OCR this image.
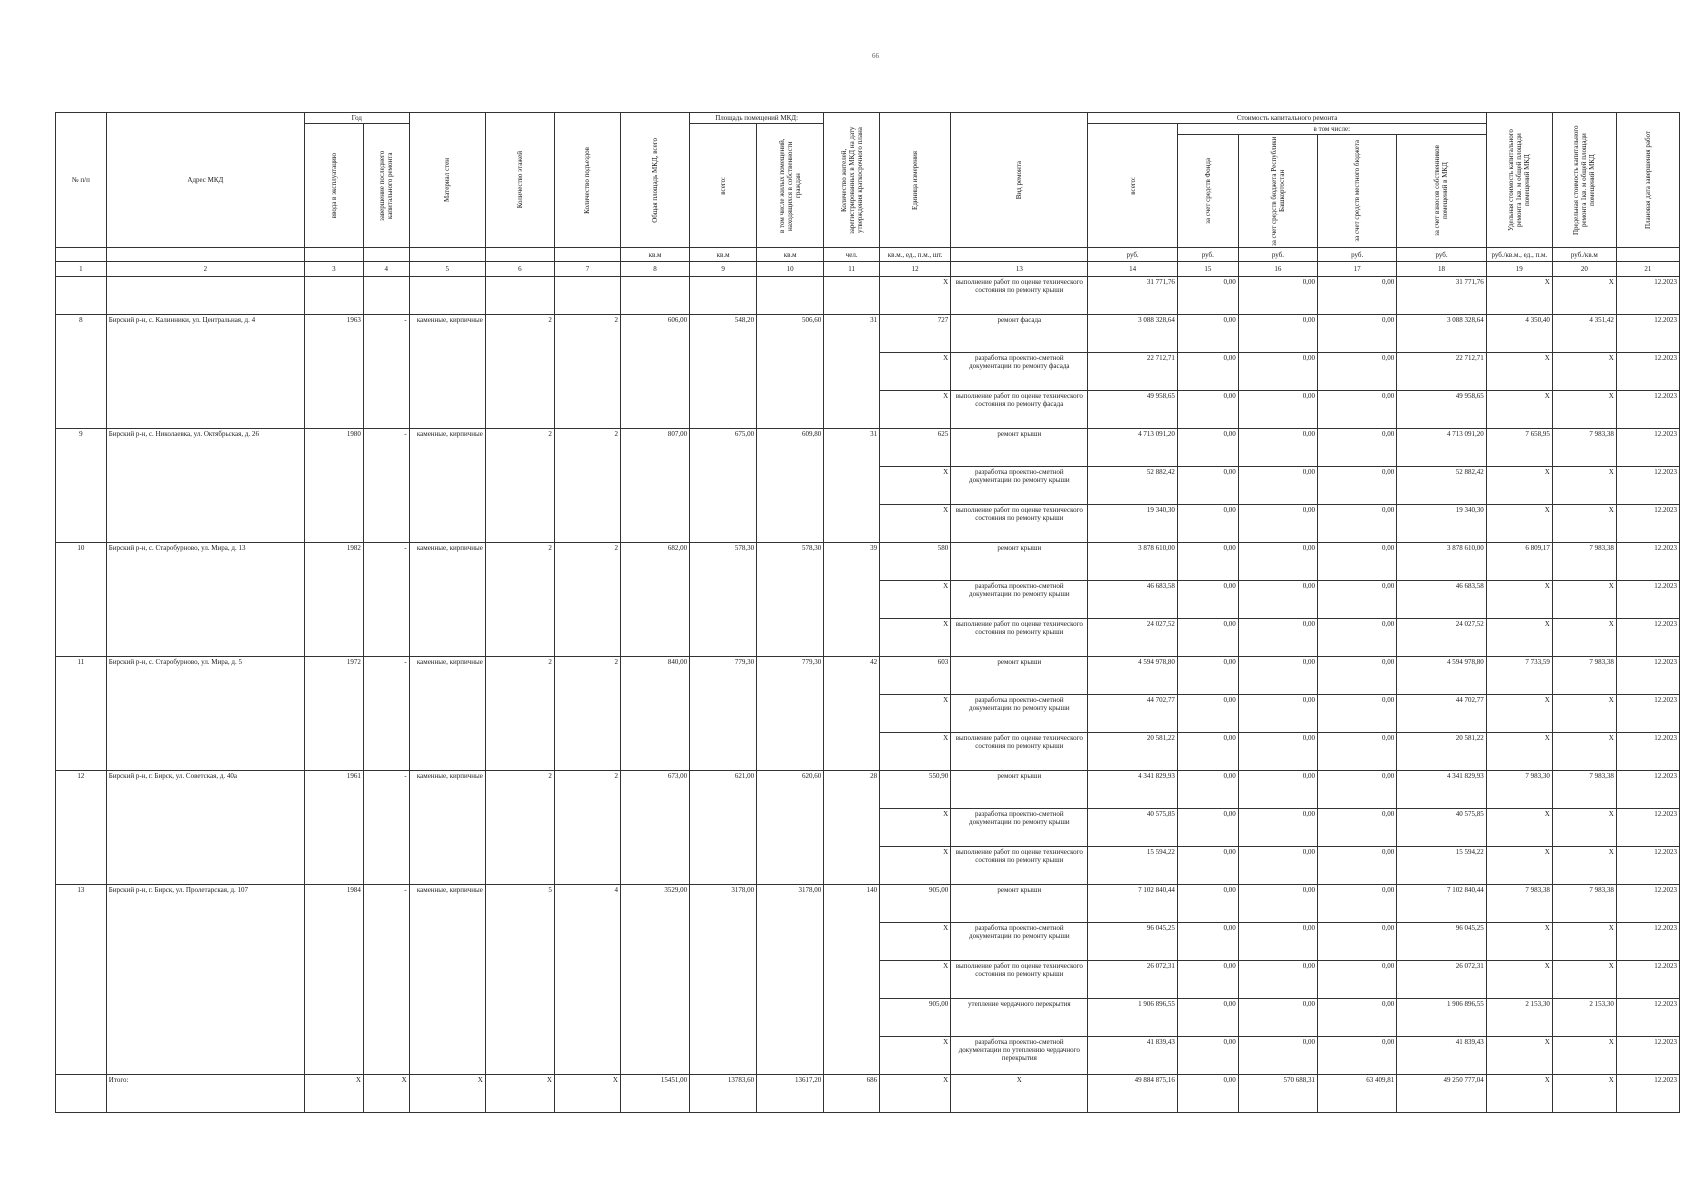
66
№ п/п	Адрес МКД	Год		Материал стен	Количество этажей	Количество подъездов	Общая площадь МКД, всего	Площадь помещений МКД:		Количество жителей, зарегистрированных в МКД на дату утверждения краткосрочного плана	Единица измерения	Вид ремонта	Стоимость капитального ремонта					Удельная стоимость капитального ремонта 1кв. м общей площади помещений МКД	Предельная стоимость капитального ремонта 1кв. м общей площади помещений МКД	Плановая дата завершения работ

		ввода в эксплуатацию	завершение последнего капитального ремонта					всего:	в том числе жилых помещений, находящихся в собственности граждан				всего:	в том числе:						

														за счет средств Фонда	за счет средств бюджета Республики Башкортостан	за счет средств местного бюджета	за счет взносов собственников помещений в МКД			

							кв.м	кв.м	кв.м	чел.	кв.м., ед., п.м., шт.		руб.	руб.	руб.	руб.	руб.	руб./кв.м., ед., п.м.	руб./кв.м	
1	2	3	4	5	6	7	8	9	10	11	12	13	14	15	16	17	18	19	20	21
											X	выполнение работ по оценке технического состояния по ремонту крыши	31 771,76	0,00	0,00	0,00	31 771,76	X	X	12.2023
8	Бирский р-н, с. Калинники, ул. Центральная, д. 4	1963	-	каменные, кирпичные	2	2	606,00	548,20	506,60	31	727	ремонт фасада	3 088 328,64	0,00	0,00	0,00	3 088 328,64	4 350,40	4 351,42	12.2023
											X	разработка проектно-сметной документации по ремонту фасада	22 712,71	0,00	0,00	0,00	22 712,71	X	X	12.2023
											X	выполнение работ по оценке технического состояния по ремонту фасада	49 958,65	0,00	0,00	0,00	49 958,65	X	X	12.2023
9	Бирский р-н, с. Николаевка, ул. Октябрьская, д. 26	1980	-	каменные, кирпичные	2	2	807,00	675,00	609,80	31	625	ремонт крыши	4 713 091,20	0,00	0,00	0,00	4 713 091,20	7 658,95	7 983,38	12.2023
											X	разработка проектно-сметной документации по ремонту крыши	52 882,42	0,00	0,00	0,00	52 882,42	X	X	12.2023
											X	выполнение работ по оценке технического состояния по ремонту крыши	19 340,30	0,00	0,00	0,00	19 340,30	X	X	12.2023
10	Бирский р-н, с. Старобурново, ул. Мира, д. 13	1982	-	каменные, кирпичные	2	2	682,00	578,30	578,30	39	580	ремонт крыши	3 878 610,00	0,00	0,00	0,00	3 878 610,00	6 809,17	7 983,38	12.2023
											X	разработка проектно-сметной документации по ремонту крыши	46 683,58	0,00	0,00	0,00	46 683,58	X	X	12.2023
											X	выполнение работ по оценке технического состояния по ремонту крыши	24 027,52	0,00	0,00	0,00	24 027,52	X	X	12.2023
11	Бирский р-н, с. Старобурново, ул. Мира, д. 5	1972	-	каменные, кирпичные	2	2	840,00	779,30	779,30	42	603	ремонт крыши	4 594 978,80	0,00	0,00	0,00	4 594 978,80	7 733,59	7 983,38	12.2023
											X	разработка проектно-сметной документации по ремонту крыши	44 702,77	0,00	0,00	0,00	44 702,77	X	X	12.2023
											X	выполнение работ по оценке технического состояния по ремонту крыши	20 581,22	0,00	0,00	0,00	20 581,22	X	X	12.2023
12	Бирский р-н, г. Бирск, ул. Советская, д. 40а	1961	-	каменные, кирпичные	2	2	673,00	621,00	620,60	28	550,90	ремонт крыши	4 341 829,93	0,00	0,00	0,00	4 341 829,93	7 983,30	7 983,38	12.2023
											X	разработка проектно-сметной документации по ремонту крыши	40 575,85	0,00	0,00	0,00	40 575,85	X	X	12.2023
											X	выполнение работ по оценке технического состояния по ремонту крыши	15 594,22	0,00	0,00	0,00	15 594,22	X	X	12.2023
13	Бирский р-н, г. Бирск, ул. Пролетарская, д. 107	1984	-	каменные, кирпичные	5	4	3529,00	3178,00	3178,00	140	905,00	ремонт крыши	7 102 840,44	0,00	0,00	0,00	7 102 840,44	7 983,38	7 983,38	12.2023
											X	разработка проектно-сметной документации по ремонту крыши	96 045,25	0,00	0,00	0,00	96 045,25	X	X	12.2023
											X	выполнение работ по оценке технического состояния по ремонту крыши	26 072,31	0,00	0,00	0,00	26 072,31	X	X	12.2023
											905,00	утепление чердачного перекрытия	1 906 896,55	0,00	0,00	0,00	1 906 896,55	2 153,30	2 153,30	12.2023
											X	разработка проектно-сметной документации по утеплению чердачного перекрытия	41 839,43	0,00	0,00	0,00	41 839,43	X	X	12.2023
	Итого:	X	X	X	X	X	15451,00	13783,60	13617,20	686	X	X	49 884 875,16	0,00	570 688,31	63 409,81	49 250 777,04	X	X	12.2023
